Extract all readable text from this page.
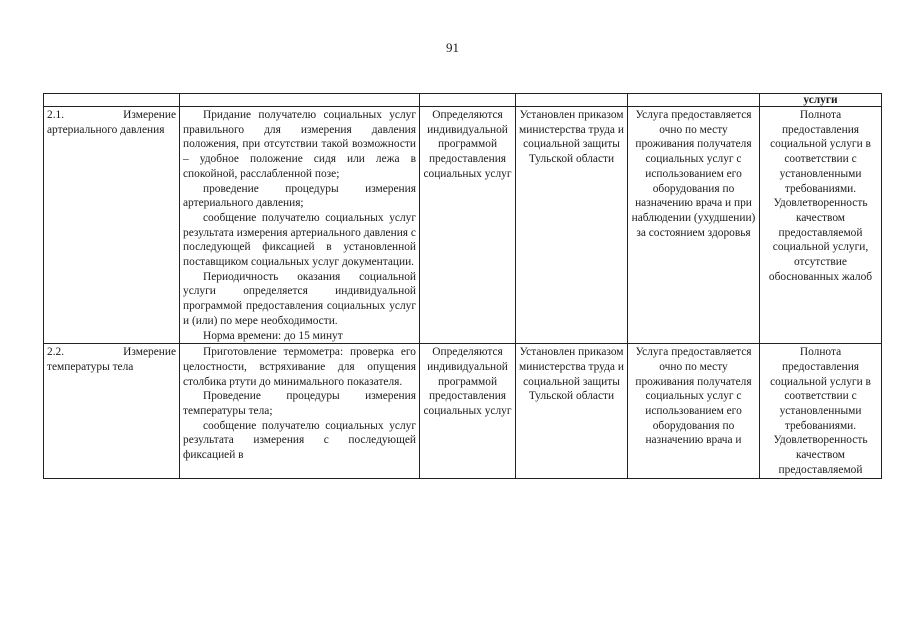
91
					услуги

2.1. Измерение артериального давления	Придание получателю социальных услуг правильного для измерения давления положения, при отсутствии такой возможности – удобное положение сидя или лежа в спокойной, расслабленной позе;

проведение процедуры измерения артериального давления;

сообщение получателю социальных услуг результата измерения артериального давления с последующей фиксацией в установленной поставщиком социальных услуг документации.

Периодичность оказания социальной услуги определяется индивидуальной программой предоставления социальных услуг и (или) по мере необходимости.

Норма времени: до 15 минут	Определяются индивидуальной программой предоставления социальных услуг	Установлен приказом министерства труда и социальной защиты Тульской области	Услуга предоставляется очно по месту проживания получателя социальных услуг с использованием его оборудования по назначению врача и при наблюдении (ухудшении) за состоянием здоровья	Полнота предоставления социальной услуги в соответствии с установленными требованиями. Удовлетворенность качеством предоставляемой социальной услуги, отсутствие обоснованных жалоб

2.2. Измерение температуры тела	Приготовление термометра: проверка его целостности, встряхивание для опущения столбика ртути до минимального показателя.

Проведение процедуры измерения температуры тела;

сообщение получателю социальных услуг результата измерения с последующей фиксацией в	Определяются индивидуальной программой предоставления социальных услуг	Установлен приказом министерства труда и социальной защиты Тульской области	Услуга предоставляется очно по месту проживания получателя социальных услуг с использованием его оборудования по назначению врача и	Полнота предоставления социальной услуги в соответствии с установленными требованиями. Удовлетворенность качеством предоставляемой
